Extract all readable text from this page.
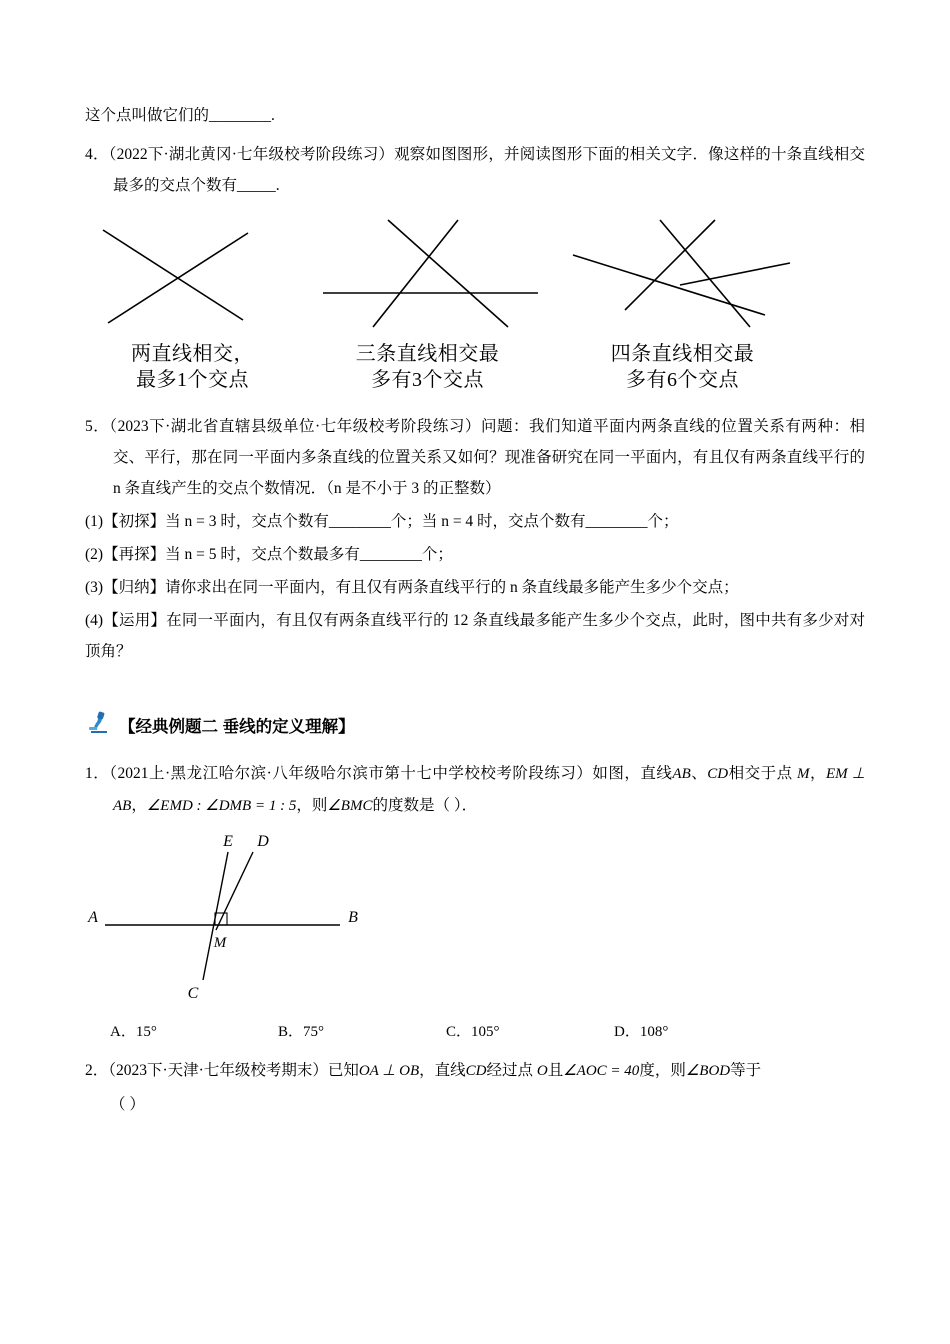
这个点叫做它们的________.
4．（2022下·湖北黄冈·七年级校考阶段练习）观察如图图形，并阅读图形下面的相关文字．像这样的十条直线相交最多的交点个数有_____.
两直线相交，
最多1个交点
三条直线相交最
多有3个交点
四条直线相交最
多有6个交点
5．（2023下·湖北省直辖县级单位·七年级校考阶段练习）问题：我们知道平面内两条直线的位置关系有两种：相交、平行，那在同一平面内多条直线的位置关系又如何？现准备研究在同一平面内，有且仅有两条直线平行的 n 条直线产生的交点个数情况．（n 是不小于 3 的正整数）
(1)【初探】当 n = 3 时，交点个数有________个；当 n = 4 时，交点个数有________个；
(2)【再探】当 n = 5 时，交点个数最多有________个；
(3)【归纳】请你求出在同一平面内，有且仅有两条直线平行的 n 条直线最多能产生多少个交点；
(4)【运用】在同一平面内，有且仅有两条直线平行的 12 条直线最多能产生多少个交点，此时，图中共有多少对对顶角？
【经典例题二 垂线的定义理解】
1．（2021上·黑龙江哈尔滨·八年级哈尔滨市第十七中学校校考阶段练习）如图，直线AB、CD相交于点 M，EM ⊥ AB，∠EMD : ∠DMB = 1 : 5，则∠BMC的度数是（ ）．
E D
A	B
C
M
A．15°	B．75°	C．105°	D．108°
2．（2023下·天津·七年级校考期末）已知OA ⊥ OB，直线CD经过点 O且∠AOC = 40度，则∠BOD等于
（ ）
